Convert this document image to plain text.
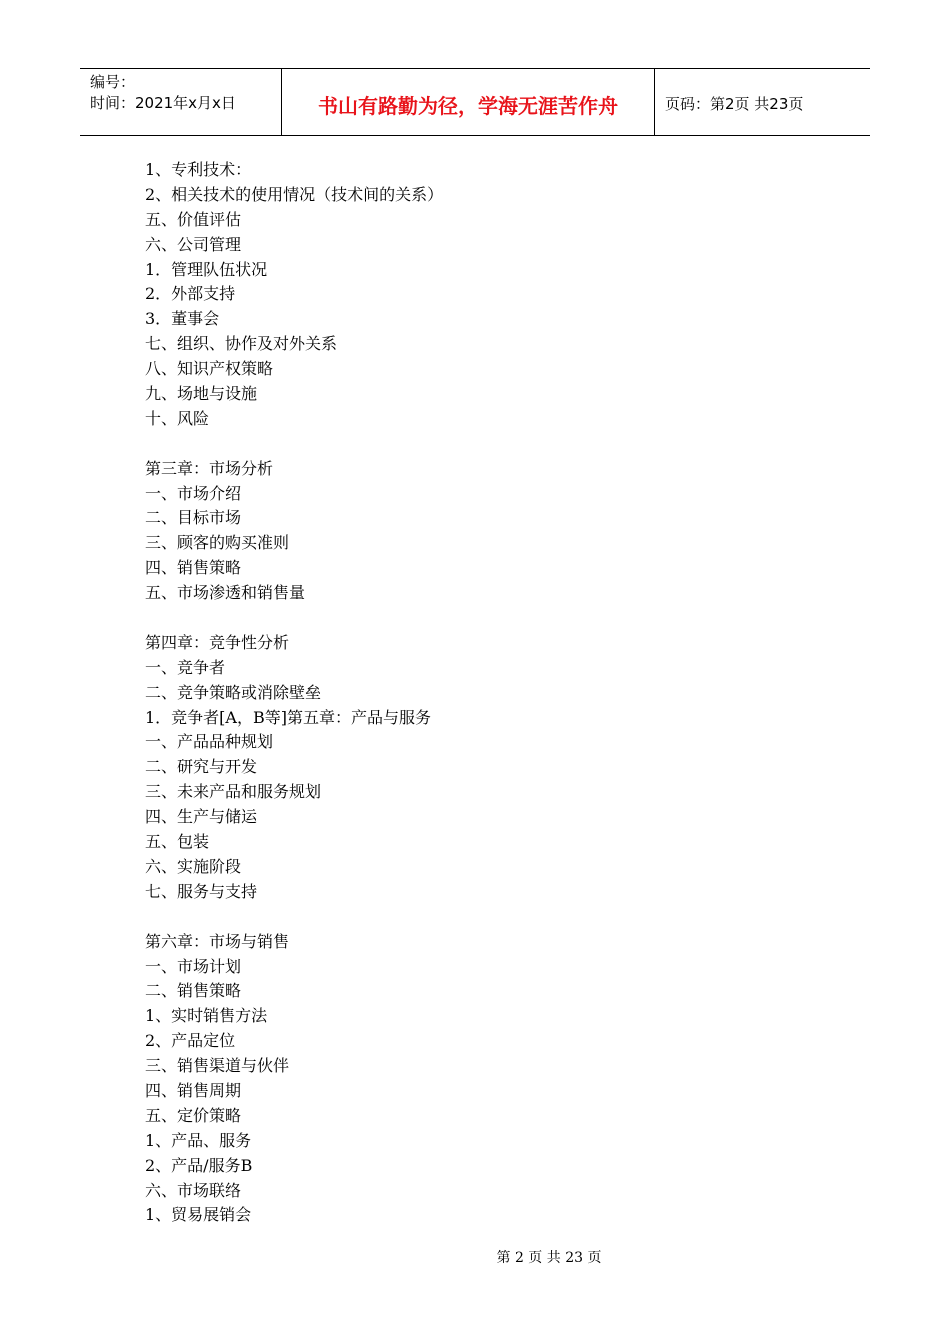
编号：
时间：2021年x月x日	书山有路勤为径，学海无涯苦作舟	页码：第2页 共23页
1、专利技术：
2、相关技术的使用情况（技术间的关系）
五、价值评估
六、公司管理
1．管理队伍状况
2．外部支持
3．董事会
七、组织、协作及对外关系
八、知识产权策略
九、场地与设施
十、风险
第三章：市场分析
一、市场介绍
二、目标市场
三、顾客的购买准则
四、销售策略
五、市场渗透和销售量
第四章：竞争性分析
一、竞争者
二、竞争策略或消除壁垒
1．竞争者[A，B等]第五章：产品与服务
一、产品品种规划
二、研究与开发
三、未来产品和服务规划
四、生产与储运
五、包装
六、实施阶段
七、服务与支持
第六章：市场与销售
一、市场计划
二、销售策略
1、实时销售方法
2、产品定位
三、销售渠道与伙伴
四、销售周期
五、定价策略
1、产品、服务
2、产品/服务B
六、市场联络
1、贸易展销会
第 2 页 共 23 页
